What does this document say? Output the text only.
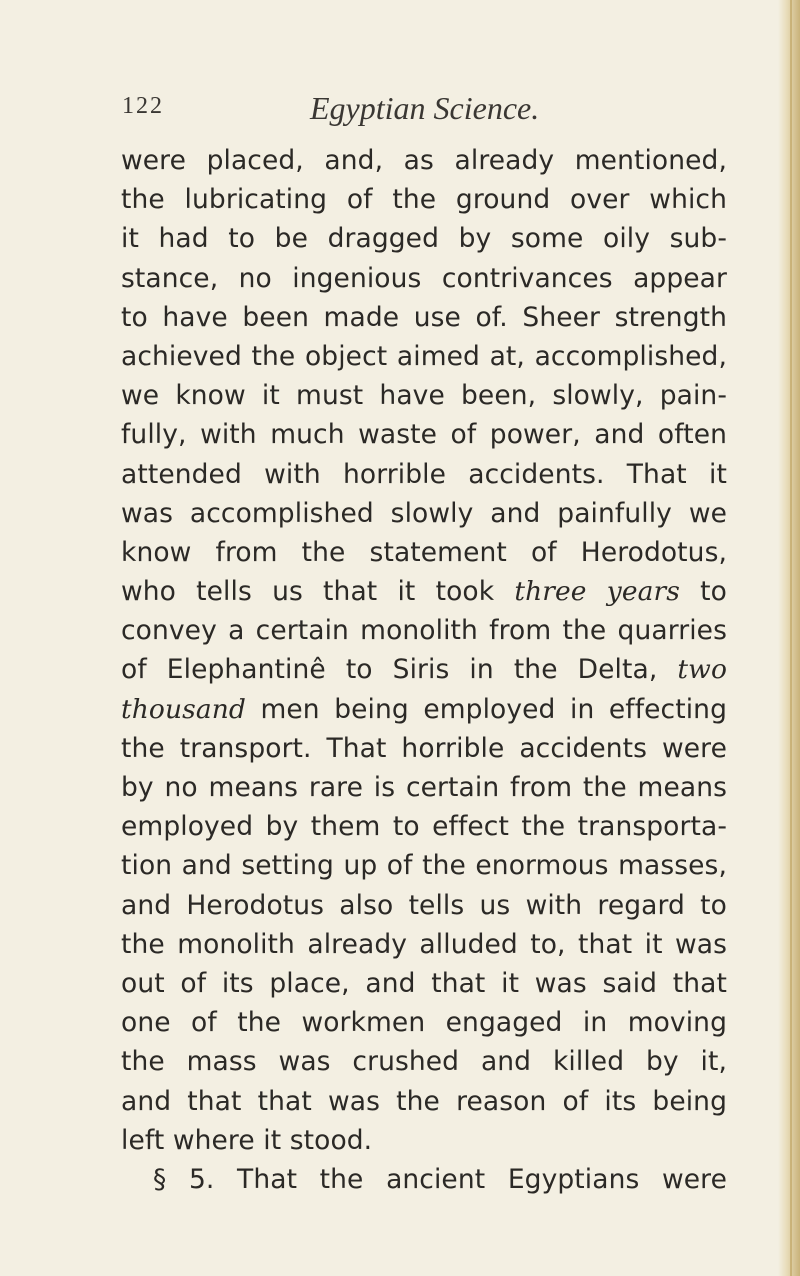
122	Egyptian Science.
were placed, and, as already mentioned,
the lubricating of the ground over which
it had to be dragged by some oily sub-
stance, no ingenious contrivances appear
to have been made use of. Sheer strength
achieved the object aimed at, accomplished,
we know it must have been, slowly, pain-
fully, with much waste of power, and often
attended with horrible accidents. That it
was accomplished slowly and painfully we
know from the statement of Herodotus,
who tells us that it took three years to
convey a certain monolith from the quarries
of Elephantinê to Siris in the Delta, two
thousand men being employed in effecting
the transport. That horrible accidents were
by no means rare is certain from the means
employed by them to effect the transporta-
tion and setting up of the enormous masses,
and Herodotus also tells us with regard to
the monolith already alluded to, that it was
out of its place, and that it was said that
one of the workmen engaged in moving
the mass was crushed and killed by it,
and that that was the reason of its being
left where it stood.
§ 5. That the ancient Egyptians were
